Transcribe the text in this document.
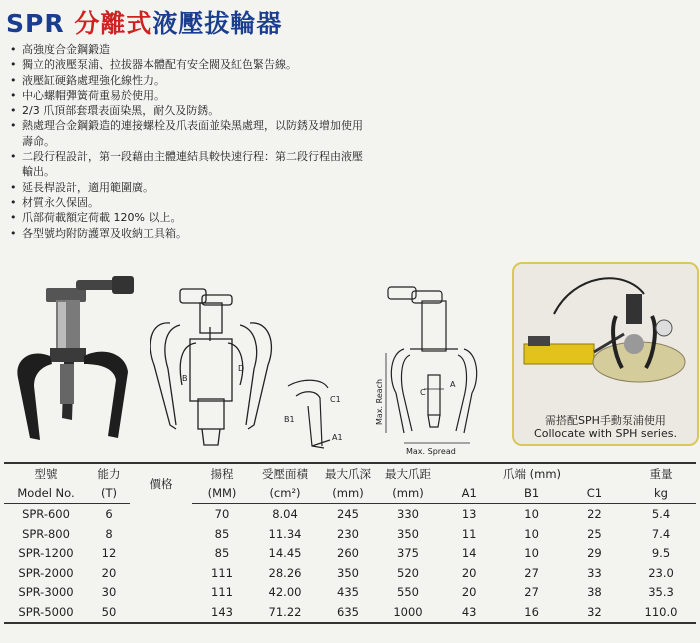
SPR 分離式液壓拔輪器
• 高強度合金鋼鍛造
• 獨立的液壓泵浦、拉拔器本體配有安全閥及紅色緊告線。
• 液壓缸硬鉻處理強化線性力。
• 中心螺帽彈簧荷重易於使用。
• 2/3 爪頂部套環表面染黑，耐久及防銹。
• 熱處理合金鋼鍛造的連接螺栓及爪表面並染黑處理，以防銹及增加使用壽命。
• 二段行程設計，第一段藉由主體連結具較快速行程：第二段行程由液壓輸出。
• 延長桿設計，適用範圍廣。
• 材質永久保固。
• 爪部荷載額定荷載 120% 以上。
• 各型號均附防護罩及收納工具箱。
B
D
C1
B1
A1
Max. Reach	C
A
Max. Spread
需搭配SPH手動泵浦使用
Collocate with SPH series.
型號	能力	價格	揚程	受壓面積	最大爪深	最大爪距	爪端 (mm)			重量
Model No.	(T)		(MM)	(cm²)	(mm)	(mm)	A1	B1	C1	kg
SPR-600	6		70	8.04	245	330	13	10	22	5.4
SPR-800	8		85	11.34	230	350	11	10	25	7.4
SPR-1200	12		85	14.45	260	375	14	10	29	9.5
SPR-2000	20		111	28.26	350	520	20	27	33	23.0
SPR-3000	30		111	42.00	435	550	20	27	38	35.3
SPR-5000	50		143	71.22	635	1000	43	16	32	110.0
